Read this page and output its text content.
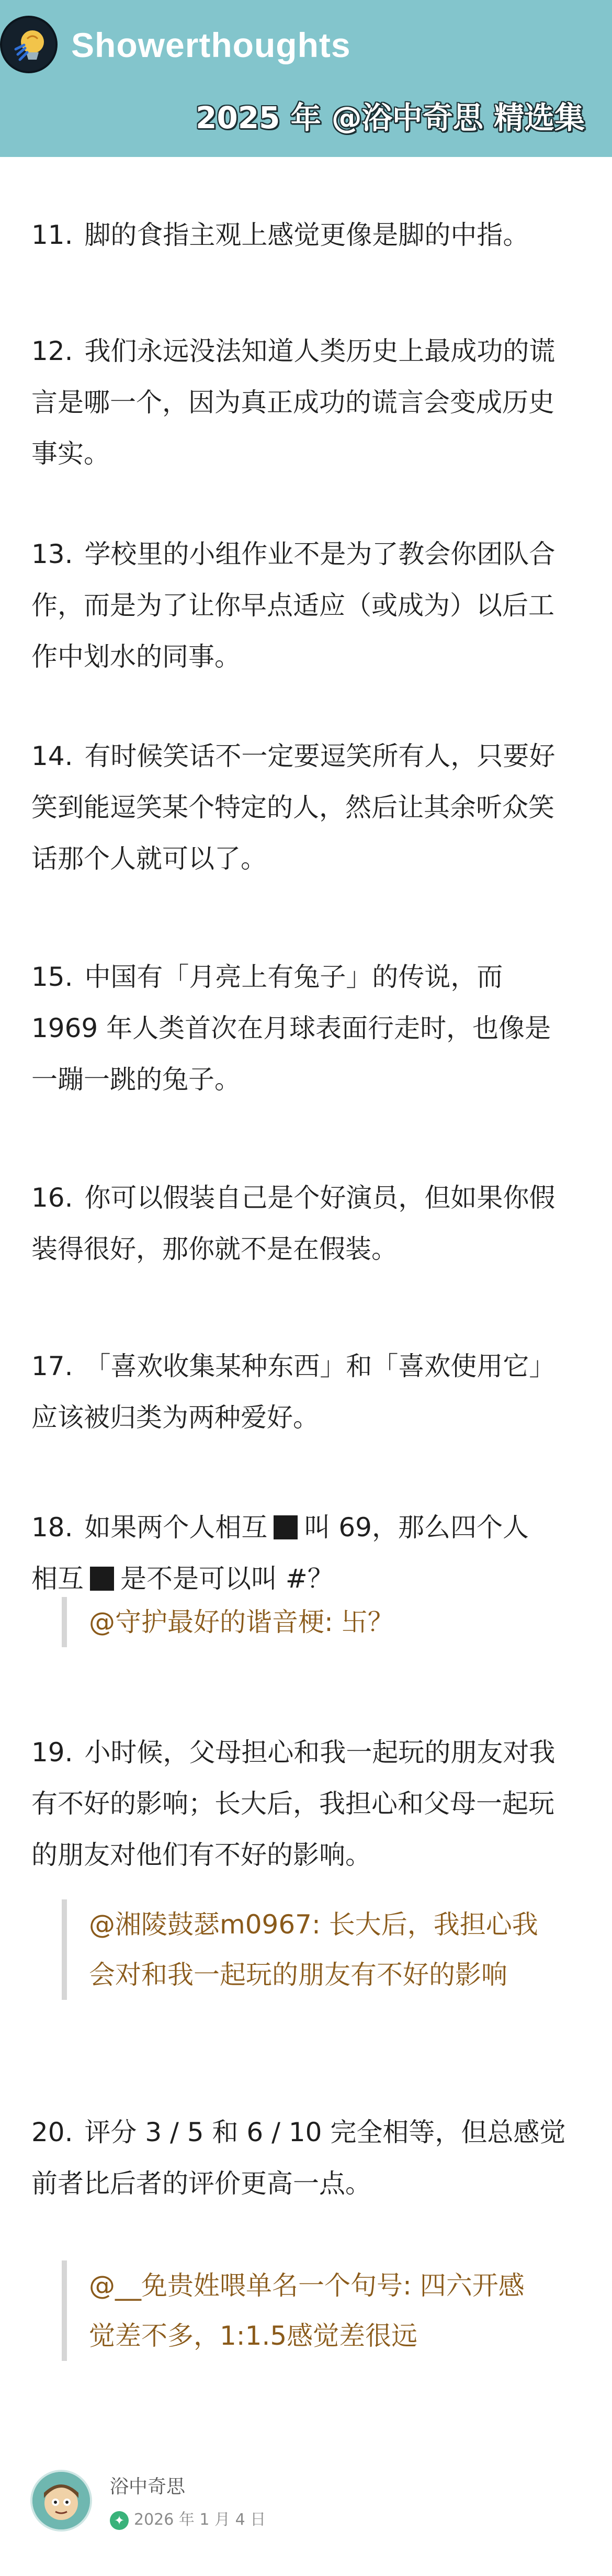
Showerthoughts
2025 年 @浴中奇思 精选集
11. 脚的食指主观上感觉更像是脚的中指。
12. 我们永远没法知道人类历史上最成功的谎言是哪一个，因为真正成功的谎言会变成历史事实。
13. 学校里的小组作业不是为了教会你团队合作，而是为了让你早点适应（或成为）以后工作中划水的同事。
14. 有时候笑话不一定要逗笑所有人，只要好笑到能逗笑某个特定的人，然后让其余听众笑话那个人就可以了。
15. 中国有「月亮上有兔子」的传说，而 1969 年人类首次在月球表面行走时，也像是一蹦一跳的兔子。
16. 你可以假装自己是个好演员，但如果你假装得很好，那你就不是在假装。
17. 「喜欢收集某种东西」和「喜欢使用它」应该被归类为两种爱好。
18. 如果两个人相互 叫 69，那么四个人
相互 是不是可以叫 #？
@守护最好的谐音梗: 卐？
19. 小时候，父母担心和我一起玩的朋友对我有不好的影响；长大后，我担心和父母一起玩的朋友对他们有不好的影响。
@湘陵鼓瑟m0967: 长大后，我担心我会对和我一起玩的朋友有不好的影响
20. 评分 3 / 5 和 6 / 10 完全相等，但总感觉前者比后者的评价更高一点。
@__免贵姓喂单名一个句号: 四六开感觉差不多，1:1.5感觉差很远
浴中奇思
✦ 2026 年 1 月 4 日
